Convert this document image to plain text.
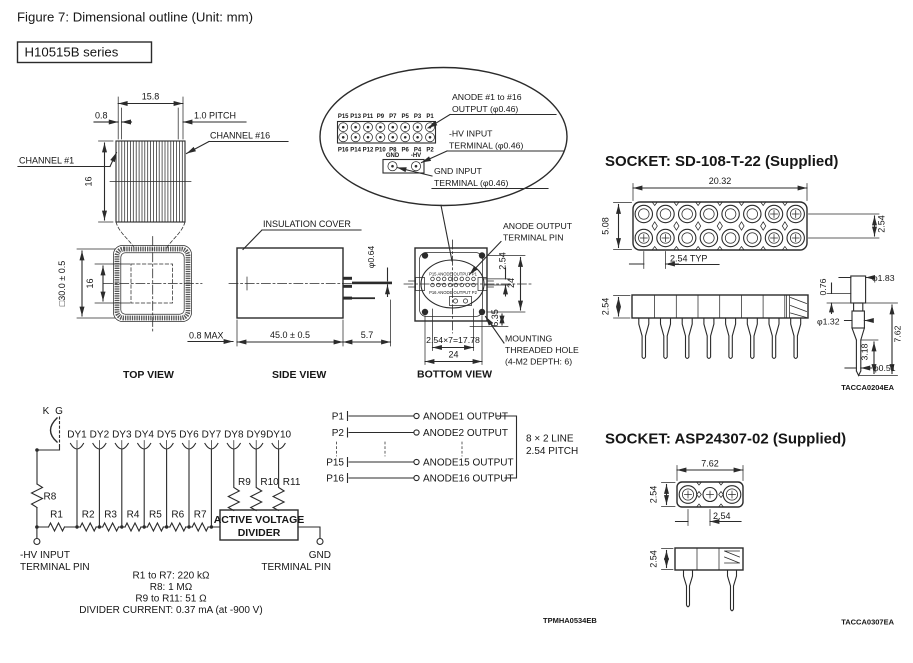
Figure 7: Dimensional outline (Unit: mm)
H10515B series
15.8
0.8	1.0 PITCH
CHANNEL #1
CHANNEL #16
16
□30.0 ± 0.5 16
0.8 MAX
TOP VIEW
INSULATION COVER
φ0.64
45.0 ± 0.5	5.7
SIDE VIEW
P15 P13 P11 P9 P7 P5 P3 P1
P16 P14 P12 P10 P8 P6 P4 P2
GND -HV
ANODE #1 to #16
OUTPUT (φ0.46)
-HV INPUT
TERMINAL (φ0.46)
GND INPUT
TERMINAL (φ0.46)
P15 ANODE OUTPUT P1
P16 ANODE OUTPUT P2
ANODE OUTPUT
TERMINAL PIN
2.54
24
6.35
2.54×7=17.78
24
MOUNTING
THREADED HOLE
(4-M2 DEPTH: 6)
BOTTOM VIEW
SOCKET: SD-108-T-22 (Supplied)
20.32
5.08	2.54
2.54 TYP
2.54
φ1.83
0.76
φ1.32
7.62
3.18
φ0.51
TACCA0204EA
K G
R8
DY1 DY2 DY3 DY4 DY5 DY6 DY7 DY8 DY9 DY10
R1 R2 R3 R4 R5 R6 R7
R9 R10 R11
ACTIVE VOLTAGE
DIVIDER
-HV INPUT
TERMINAL PIN
GND
TERMINAL PIN
R1 to R7: 220 kΩ
R8: 1 MΩ
R9 to R11: 51 Ω
DIVIDER CURRENT: 0.37 mA (at -900 V)
P1	ANODE1 OUTPUT
P2	ANODE2 OUTPUT
P15	ANODE15 OUTPUT
P16	ANODE16 OUTPUT
8 × 2 LINE
2.54 PITCH
SOCKET: ASP24307-02 (Supplied)
7.62
2.54
2.54
2.54
TACCA0307EA
TPMHA0534EB
